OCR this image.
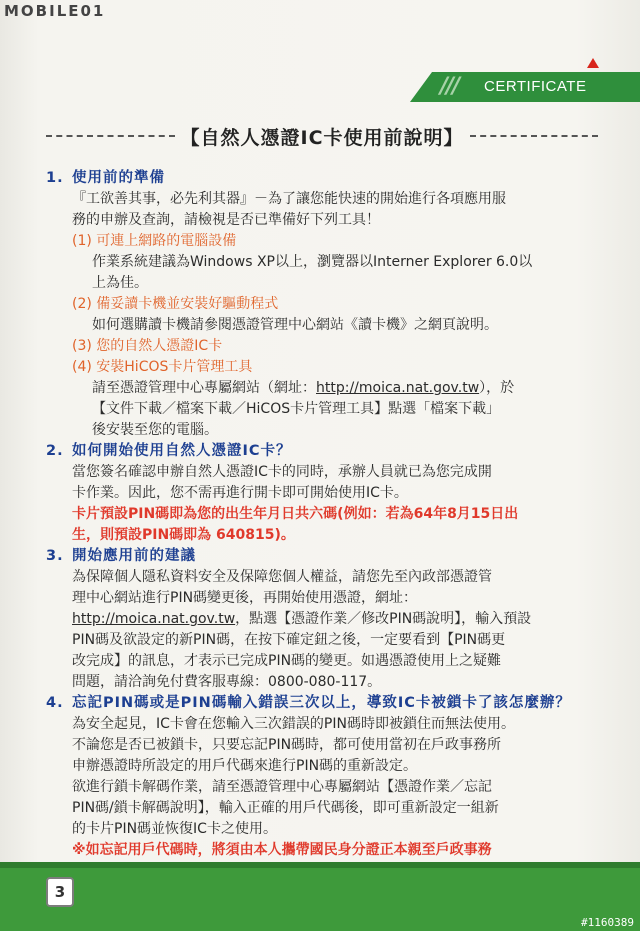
MOBILE01
/// CERTIFICATE
【自然人憑證IC卡使用前說明】
1. 使用前的準備
『工欲善其事，必先利其器』－為了讓您能快速的開始進行各項應用服
務的申辦及查詢，請檢視是否已準備好下列工具！
(1) 可連上網路的電腦設備
作業系統建議為Windows XP以上，瀏覽器以Interner Explorer 6.0以
上為佳。
(2) 備妥讀卡機並安裝好驅動程式
如何選購讀卡機請參閱憑證管理中心網站《讀卡機》之網頁說明。
(3) 您的自然人憑證IC卡
(4) 安裝HiCOS卡片管理工具
請至憑證管理中心專屬網站（網址：http://moica.nat.gov.tw），於
【文件下載／檔案下載／HiCOS卡片管理工具】點選「檔案下載」
後安裝至您的電腦。
2. 如何開始使用自然人憑證IC卡？
當您簽名確認申辦自然人憑證IC卡的同時，承辦人員就已為您完成開
卡作業。因此，您不需再進行開卡即可開始使用IC卡。
卡片預設PIN碼即為您的出生年月日共六碼(例如：若為64年8月15日出
生，則預設PIN碼即為 640815)。
3. 開始應用前的建議
為保障個人隱私資料安全及保障您個人權益，請您先至內政部憑證管
理中心網站進行PIN碼變更後，再開始使用憑證，網址：
http://moica.nat.gov.tw，點選【憑證作業／修改PIN碼說明】，輸入預設
PIN碼及欲設定的新PIN碼，在按下確定鈕之後，一定要看到【PIN碼更
改完成】的訊息，才表示已完成PIN碼的變更。如遇憑證使用上之疑難
問題，請洽詢免付費客服專線：0800-080-117。
4. 忘記PIN碼或是PIN碼輸入錯誤三次以上，導致IC卡被鎖卡了該怎麼辦？
為安全起見，IC卡會在您輸入三次錯誤的PIN碼時即被鎖住而無法使用。
不論您是否已被鎖卡，只要忘記PIN碼時，都可使用當初在戶政事務所
申辦憑證時所設定的用戶代碼來進行PIN碼的重新設定。
欲進行鎖卡解碼作業，請至憑證管理中心專屬網站【憑證作業／忘記
PIN碼/鎖卡解碼說明】，輸入正確的用戶代碼後，即可重新設定一組新
的卡片PIN碼並恢復IC卡之使用。
※如忘記用戶代碼時，將須由本人攜帶國民身分證正本親至戶政事務
3
#1160389
